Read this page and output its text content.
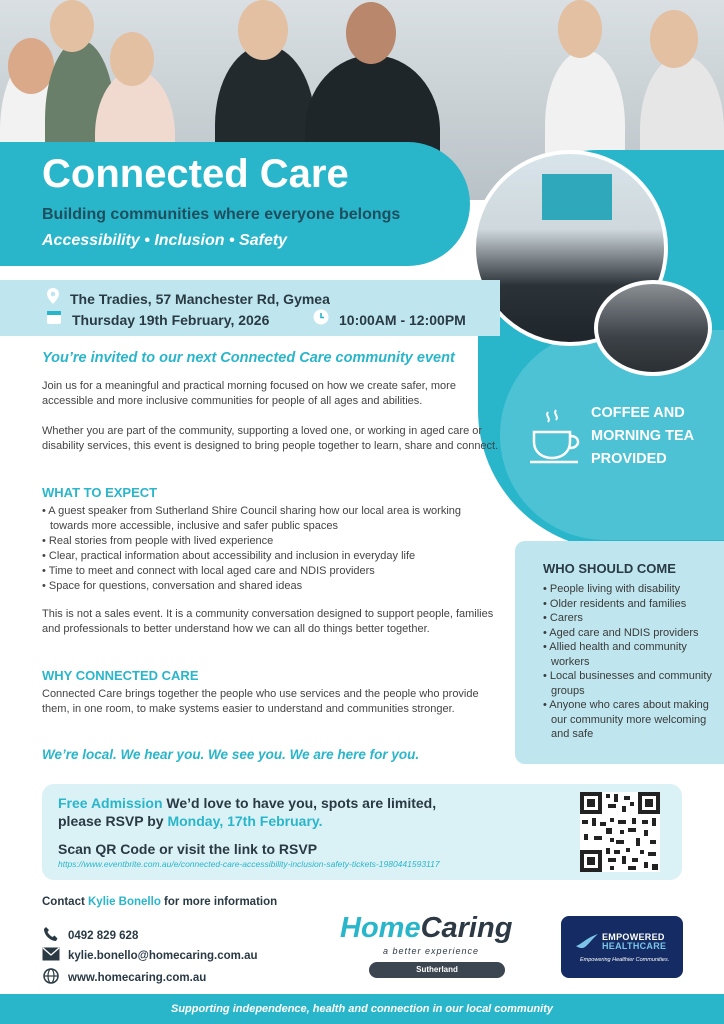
Connected Care
Building communities where everyone belongs
Accessibility • Inclusion • Safety
The Tradies, 57 Manchester Rd, Gymea
Thursday 19th February, 2026	10:00AM - 12:00PM
COFFEE AND
MORNING TEA
PROVIDED
You’re invited to our next Connected Care community event
Join us for a meaningful and practical morning focused on how we create safer, more accessible and more inclusive communities for people of all ages and abilities.
Whether you are part of the community, supporting a loved one, or working in aged care or disability services, this event is designed to bring people together to learn, share and connect.
WHAT TO EXPECT
• A guest speaker from Sutherland Shire Council sharing how our local area is working towards more accessible, inclusive and safer public spaces
• Real stories from people with lived experience
• Clear, practical information about accessibility and inclusion in everyday life
• Time to meet and connect with local aged care and NDIS providers
• Space for questions, conversation and shared ideas
This is not a sales event. It is a community conversation designed to support people, families and professionals to better understand how we can all do things better together.
WHY CONNECTED CARE
Connected Care brings together the people who use services and the people who provide them, in one room, to make systems easier to understand and communities stronger.
We’re local. We hear you. We see you. We are here for you.
WHO SHOULD COME
• People living with disability
• Older residents and families
• Carers
• Aged care and NDIS providers
• Allied health and community workers
• Local businesses and community groups
• Anyone who cares about making our community more welcoming and safe
Free Admission We’d love to have you, spots are limited,
please RSVP by Monday, 17th February.
Scan QR Code or visit the link to RSVP
https://www.eventbrite.com.au/e/connected-care-accessibility-inclusion-safety-tickets-1980441593117
Contact Kylie Bonello for more information
0492 829 628
kylie.bonello@homecaring.com.au
www.homecaring.com.au
HomeCaring
a better experience
Sutherland
EMPOWERED
HEALTHCARE
Empowering Healthier Communities.
Supporting independence, health and connection in our local community
